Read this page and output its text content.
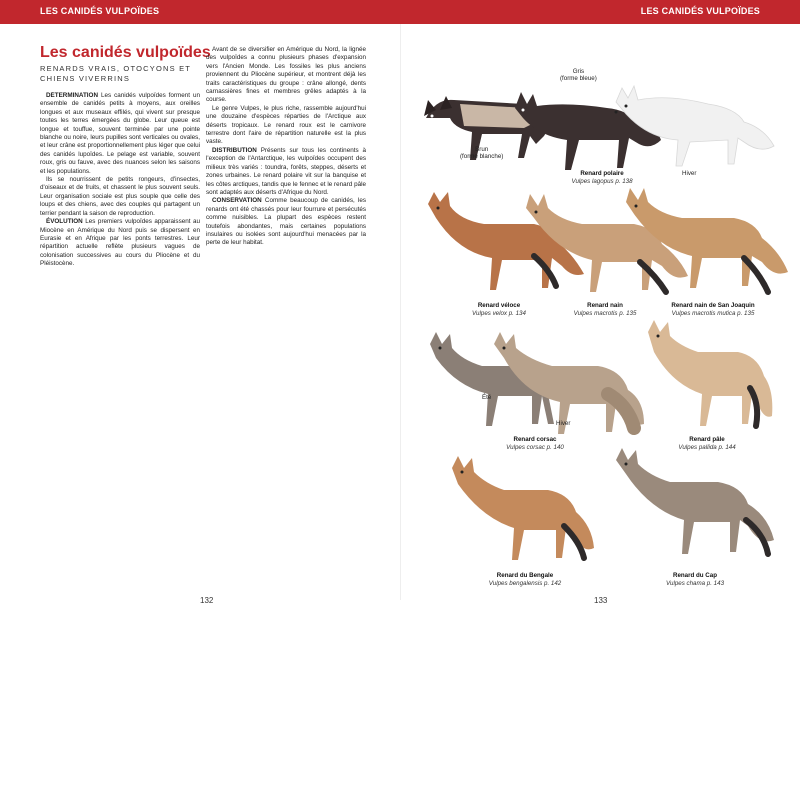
LES CANIDÉS VULPOÏDES	LES CANIDÉS VULPOÏDES
Les canidés vulpoïdes

RENARDS VRAIS, OTOCYONS ET CHIENS VIVERRINS

DÉTERMINATION Les canidés vulpoïdes forment un ensemble de canidés petits à moyens, aux oreilles longues et aux museaux effilés, qui vivent sur presque toutes les terres émergées du globe. Leur queue est longue et touffue, souvent terminée par une pointe blanche ou noire, leurs pupilles sont verticales ou ovales, et leur crâne est proportionnellement plus léger que celui des canidés lupoïdes. Le pelage est variable, souvent roux, gris ou fauve, avec des nuances selon les saisons et les populations.

Ils se nourrissent de petits rongeurs, d'insectes, d'oiseaux et de fruits, et chassent le plus souvent seuls. Leur organisation sociale est plus souple que celle des loups et des chiens, avec des couples qui partagent un terrier pendant la saison de reproduction.

ÉVOLUTION Les premiers vulpoïdes apparaissent au Miocène en Amérique du Nord puis se dispersent en Eurasie et en Afrique par les ponts terrestres. Leur répartition actuelle reflète plusieurs vagues de colonisation successives au cours du Pliocène et du Pléistocène.

Avant de se diversifier en Amérique du Nord, la lignée des vulpoïdes a connu plusieurs phases d'expansion vers l'Ancien Monde. Les fossiles les plus anciens proviennent du Pliocène supérieur, et montrent déjà les traits caractéristiques du groupe : crâne allongé, dents carnassières fines et membres grêles adaptés à la course.

Le genre Vulpes, le plus riche, rassemble aujourd'hui une douzaine d'espèces réparties de l'Arctique aux déserts tropicaux. Le renard roux est le carnivore terrestre dont l'aire de répartition naturelle est la plus vaste.

DISTRIBUTION Présents sur tous les continents à l'exception de l'Antarctique, les vulpoïdes occupent des milieux très variés : toundra, forêts, steppes, déserts et zones urbaines. Le renard polaire vit sur la banquise et les côtes arctiques, tandis que le fennec et le renard pâle sont adaptés aux déserts d'Afrique du Nord.

CONSERVATION Comme beaucoup de canidés, les renards ont été chassés pour leur fourrure et persécutés comme nuisibles. La plupart des espèces restent toutefois abondantes, mais certaines populations insulaires ou isolées sont aujourd'hui menacées par la perte de leur habitat.

132	133
Gris
(forme bleue)
Brun
(forme blanche)
Hiver
Renard polaire
Vulpes lagopus p. 138
Renard véloce
Vulpes velox p. 134
Renard nain
Vulpes macrotis p. 135
Renard nain de San Joaquin
Vulpes macrotis mutica p. 135
Été
Hiver
Renard corsac
Vulpes corsac p. 140
Renard pâle
Vulpes pallida p. 144
Renard du Bengale
Vulpes bengalensis p. 142
Renard du Cap
Vulpes chama p. 143
